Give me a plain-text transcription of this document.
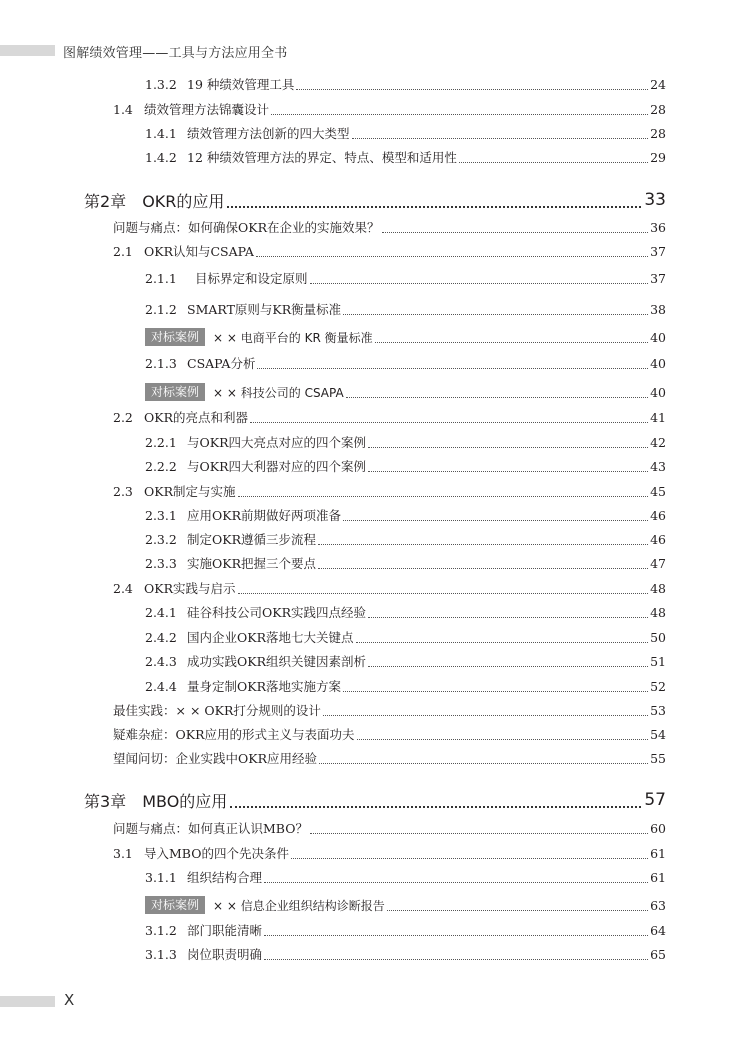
图解绩效管理——工具与方法应用全书
1.3.2 19 种绩效管理工具	24
1.4 绩效管理方法锦囊设计	28
1.4.1 绩效管理方法创新的四大类型	28
1.4.2 12 种绩效管理方法的界定、特点、模型和适用性	29
第2章 OKR的应用	33
问题与痛点：如何确保OKR在企业的实施效果？	36
2.1 OKR认知与CSAPA	37
2.1.1	目标界定和设定原则	37
2.1.2 SMART原则与KR衡量标准	38
对标案例	× × 电商平台的 KR 衡量标准	40
2.1.3 CSAPA分析	40
对标案例	× × 科技公司的 CSAPA	40
2.2 OKR的亮点和利器	41
2.2.1 与OKR四大亮点对应的四个案例	42
2.2.2 与OKR四大利器对应的四个案例	43
2.3 OKR制定与实施	45
2.3.1 应用OKR前期做好两项准备	46
2.3.2 制定OKR遵循三步流程	46
2.3.3 实施OKR把握三个要点	47
2.4 OKR实践与启示	48
2.4.1 硅谷科技公司OKR实践四点经验	48
2.4.2 国内企业OKR落地七大关键点	50
2.4.3 成功实践OKR组织关键因素剖析	51
2.4.4 量身定制OKR落地实施方案	52
最佳实践：× × OKR打分规则的设计	53
疑难杂症：OKR应用的形式主义与表面功夫	54
望闻问切：企业实践中OKR应用经验	55
第3章 MBO的应用	57
问题与痛点：如何真正认识MBO？	60
3.1 导入MBO的四个先决条件	61
3.1.1 组织结构合理	61
对标案例	× × 信息企业组织结构诊断报告	63
3.1.2 部门职能清晰	64
3.1.3 岗位职责明确	65
X
